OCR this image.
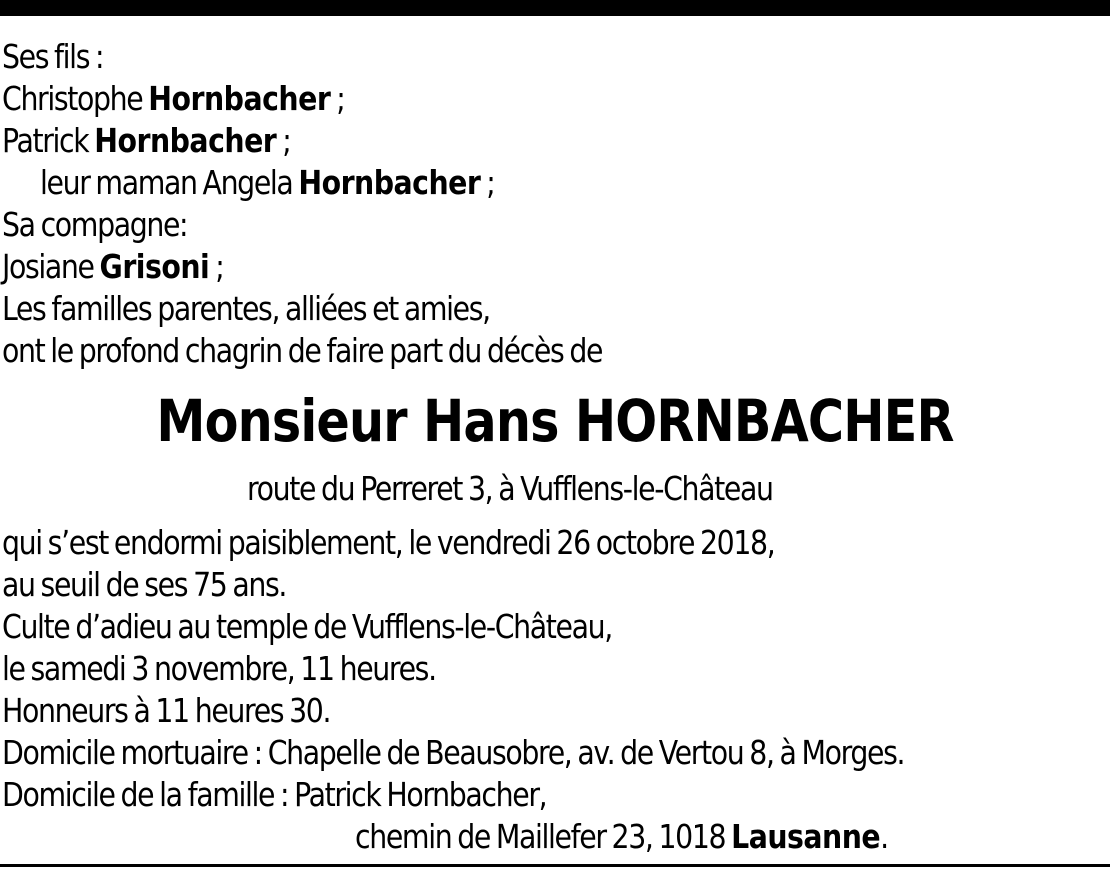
Ses fils :
Christophe Hornbacher ;
Patrick Hornbacher ;
leur maman Angela Hornbacher ;
Sa compagne:
Josiane Grisoni ;
Les familles parentes, alliées et amies,
ont le profond chagrin de faire part du décès de
Monsieur Hans HORNBACHER
route du Perreret 3, à Vufflens-le-Château
qui s’est endormi paisiblement, le vendredi 26 octobre 2018,
au seuil de ses 75 ans.
Culte d’adieu au temple de Vufflens-le-Château,
le samedi 3 novembre, 11 heures.
Honneurs à 11 heures 30.
Domicile mortuaire : Chapelle de Beausobre, av. de Vertou 8, à Morges.
Domicile de la famille : Patrick Hornbacher,
chemin de Maillefer 23, 1018 Lausanne.
